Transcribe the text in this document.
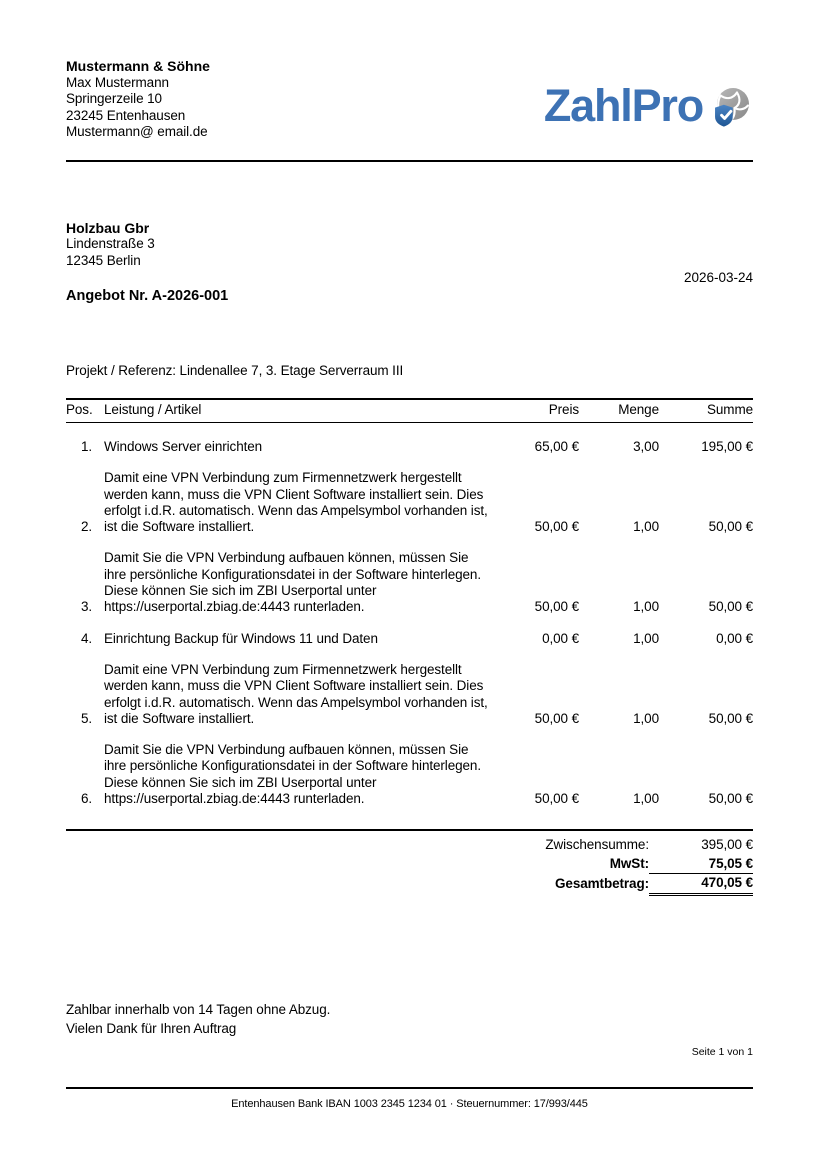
Mustermann & Söhne
Max Mustermann
Springerzeile 10
23245 Entenhausen
Mustermann@ email.de
ZahlPro
Holzbau Gbr
Lindenstraße 3
12345 Berlin
2026-03-24
Angebot Nr. A-2026-001
Projekt / Referenz: Lindenallee 7, 3. Etage Serverraum III
Pos.	Leistung / Artikel	Preis	Menge	Summe
1.	Windows Server einrichten	65,00 €	3,00	195,00 €
2.	Damit eine VPN Verbindung zum Firmennetzwerk hergestellt werden kann, muss die VPN Client Software installiert sein. Dies erfolgt i.d.R. automatisch. Wenn das Ampelsymbol vorhanden ist, ist die Software installiert.	50,00 €	1,00	50,00 €
3.	Damit Sie die VPN Verbindung aufbauen können, müssen Sie ihre persönliche Konfigurationsdatei in der Software hinterlegen. Diese können Sie sich im ZBI Userportal unter https://userportal.zbiag.de:4443 runterladen.	50,00 €	1,00	50,00 €
4.	Einrichtung Backup für Windows 11 und Daten	0,00 €	1,00	0,00 €
5.	Damit eine VPN Verbindung zum Firmennetzwerk hergestellt werden kann, muss die VPN Client Software installiert sein. Dies erfolgt i.d.R. automatisch. Wenn das Ampelsymbol vorhanden ist, ist die Software installiert.	50,00 €	1,00	50,00 €
6.	Damit Sie die VPN Verbindung aufbauen können, müssen Sie ihre persönliche Konfigurationsdatei in der Software hinterlegen. Diese können Sie sich im ZBI Userportal unter https://userportal.zbiag.de:4443 runterladen.	50,00 €	1,00	50,00 €
Zwischensumme:	395,00 €
MwSt:	75,05 €
Gesamtbetrag:	470,05 €
Zahlbar innerhalb von 14 Tagen ohne Abzug.
Vielen Dank für Ihren Auftrag
Seite 1 von 1
Entenhausen Bank IBAN 1003 2345 1234 01 · Steuernummer: 17/993/445
